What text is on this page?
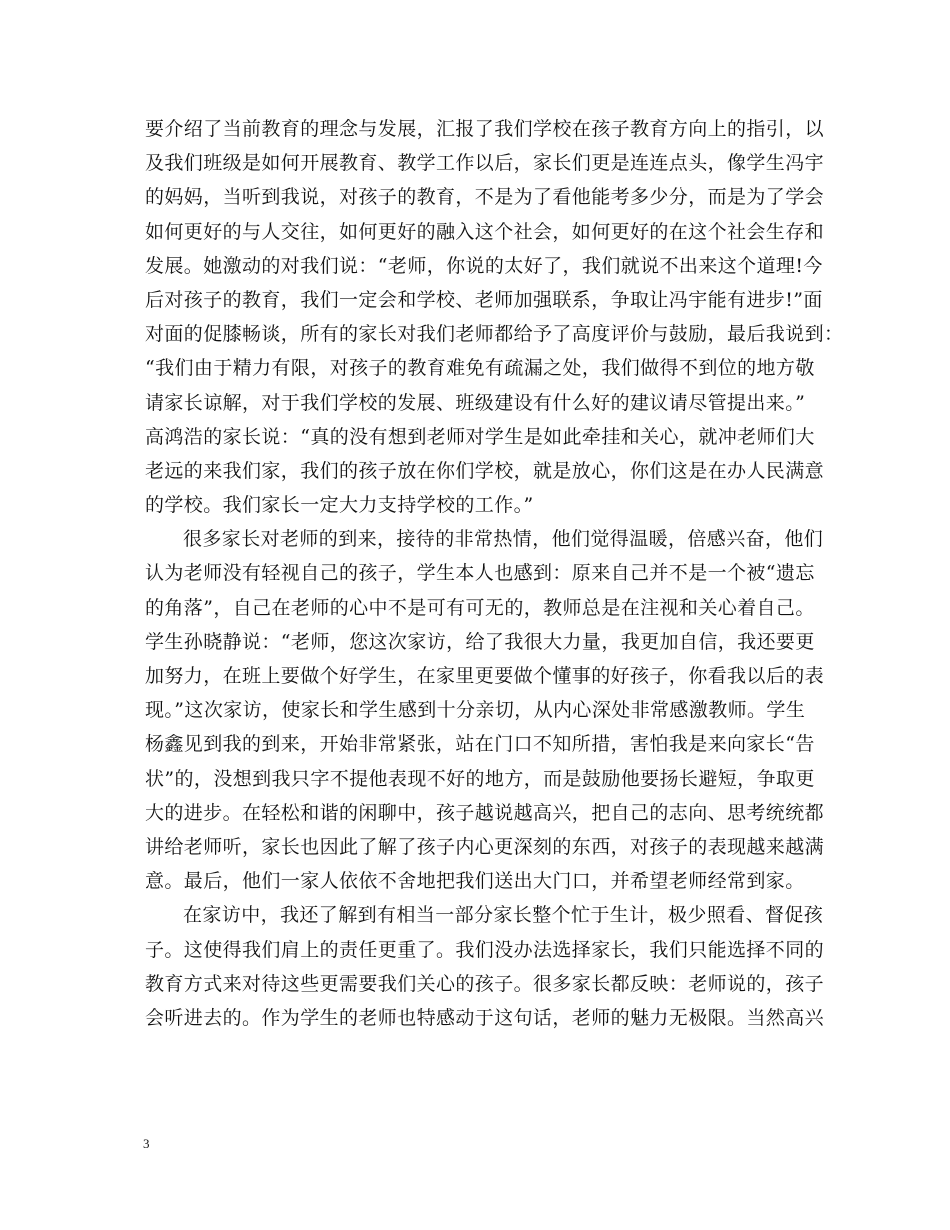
要介绍了当前教育的理念与发展，汇报了我们学校在孩子教育方向上的指引，以
及我们班级是如何开展教育、教学工作以后，家长们更是连连点头，像学生冯宇
的妈妈，当听到我说，对孩子的教育，不是为了看他能考多少分，而是为了学会
如何更好的与人交往，如何更好的融入这个社会，如何更好的在这个社会生存和
发展。她激动的对我们说：“老师，你说的太好了，我们就说不出来这个道理!今
后对孩子的教育，我们一定会和学校、老师加强联系，争取让冯宇能有进步!”面
对面的促膝畅谈，所有的家长对我们老师都给予了高度评价与鼓励，最后我说到：
“我们由于精力有限，对孩子的教育难免有疏漏之处，我们做得不到位的地方敬
请家长谅解，对于我们学校的发展、班级建设有什么好的建议请尽管提出来。”
高鸿浩的家长说：“真的没有想到老师对学生是如此牵挂和关心，就冲老师们大
老远的来我们家，我们的孩子放在你们学校，就是放心，你们这是在办人民满意
的学校。我们家长一定大力支持学校的工作。”
很多家长对老师的到来，接待的非常热情，他们觉得温暖，倍感兴奋，他们
认为老师没有轻视自己的孩子，学生本人也感到：原来自己并不是一个被“遗忘
的角落”，自己在老师的心中不是可有可无的，教师总是在注视和关心着自己。
学生孙晓静说：“老师，您这次家访，给了我很大力量，我更加自信，我还要更
加努力，在班上要做个好学生，在家里更要做个懂事的好孩子，你看我以后的表
现。”这次家访，使家长和学生感到十分亲切，从内心深处非常感激教师。学生
杨鑫见到我的到来，开始非常紧张，站在门口不知所措，害怕我是来向家长“告
状”的，没想到我只字不提他表现不好的地方，而是鼓励他要扬长避短，争取更
大的进步。在轻松和谐的闲聊中，孩子越说越高兴，把自己的志向、思考统统都
讲给老师听，家长也因此了解了孩子内心更深刻的东西，对孩子的表现越来越满
意。最后，他们一家人依依不舍地把我们送出大门口，并希望老师经常到家。
在家访中，我还了解到有相当一部分家长整个忙于生计，极少照看、督促孩
子。这使得我们肩上的责任更重了。我们没办法选择家长，我们只能选择不同的
教育方式来对待这些更需要我们关心的孩子。很多家长都反映：老师说的，孩子
会听进去的。作为学生的老师也特感动于这句话，老师的魅力无极限。当然高兴
3
